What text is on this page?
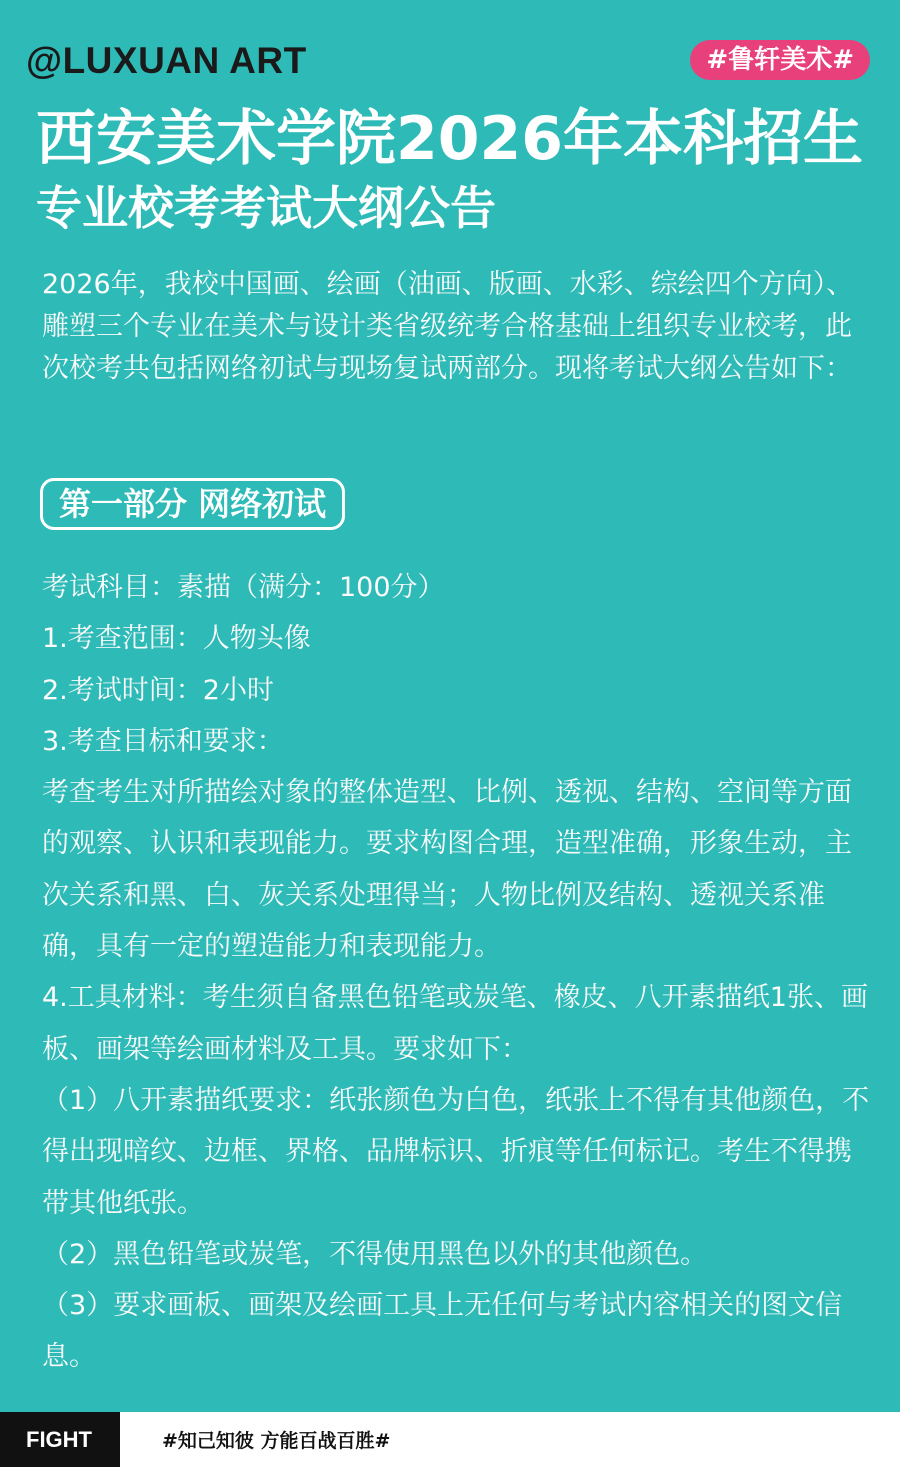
@LUXUAN ART	#鲁轩美术#
西安美术学院2026年本科招生
专业校考考试大纲公告
2026年，我校中国画、绘画（油画、版画、水彩、综绘四个方向）、雕塑三个专业在美术与设计类省级统考合格基础上组织专业校考，此次校考共包括网络初试与现场复试两部分。现将考试大纲公告如下：
第一部分 网络初试

考试科目：素描（满分：100分）

1.考查范围：人物头像

2.考试时间：2小时

3.考查目标和要求：

考查考生对所描绘对象的整体造型、比例、透视、结构、空间等方面的观察、认识和表现能力。要求构图合理，造型准确，形象生动，主次关系和黑、白、灰关系处理得当；人物比例及结构、透视关系准确，具有一定的塑造能力和表现能力。

4.工具材料：考生须自备黑色铅笔或炭笔、橡皮、八开素描纸1张、画板、画架等绘画材料及工具。要求如下：

（1）八开素描纸要求：纸张颜色为白色，纸张上不得有其他颜色，不得出现暗纹、边框、界格、品牌标识、折痕等任何标记。考生不得携带其他纸张。

（2）黑色铅笔或炭笔，不得使用黑色以外的其他颜色。

（3）要求画板、画架及绘画工具上无任何与考试内容相关的图文信息。

FIGHT	#知己知彼 方能百战百胜#
